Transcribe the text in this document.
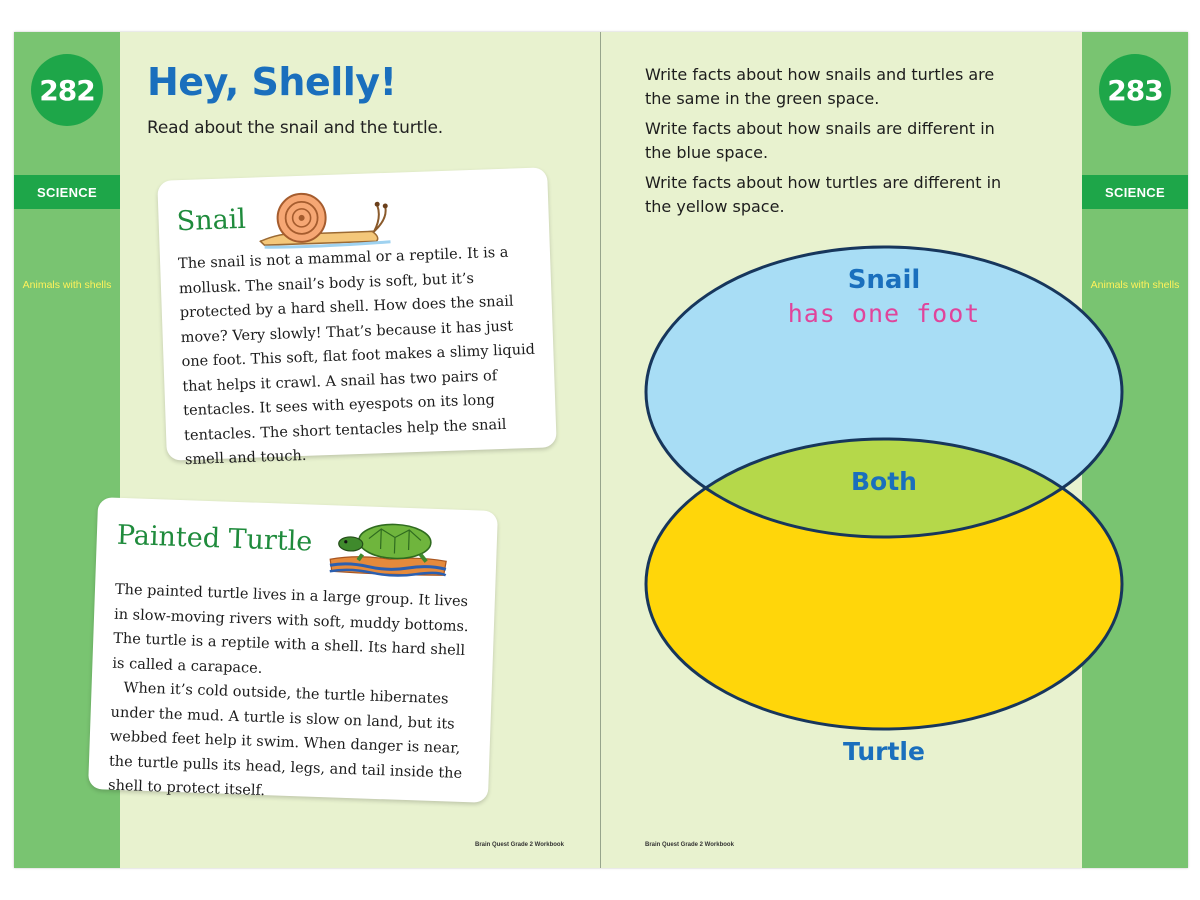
282
SCIENCE
Animals with shells
283
SCIENCE
Animals with shells
Hey, Shelly!
Read about the snail and the turtle.
Snail

The snail is not a mammal or a reptile. It is a mollusk. The snail’s body is soft, but it’s protected by a hard shell. How does the snail move? Very slowly! That’s because it has just one foot. This soft, flat foot makes a slimy liquid that helps it crawl. A snail has two pairs of tentacles. It sees with eyespots on its long tentacles. The short tentacles help the snail smell and touch.

Painted Turtle

The painted turtle lives in a large group. It lives in slow-moving rivers with soft, muddy bottoms. The turtle is a reptile with a shell. Its hard shell is called a carapace.
When it’s cold outside, the turtle hibernates under the mud. A turtle is slow on land, but its webbed feet help it swim. When danger is near, the turtle pulls its head, legs, and tail inside the shell to protect itself.

Brain Quest Grade 2 Workbook

Write facts about how snails and turtles are the same in the green space.

Write facts about how snails are different in the blue space.

Write facts about how turtles are different in the yellow space.

Snail
has one foot
Both
Turtle
Brain Quest Grade 2 Workbook
